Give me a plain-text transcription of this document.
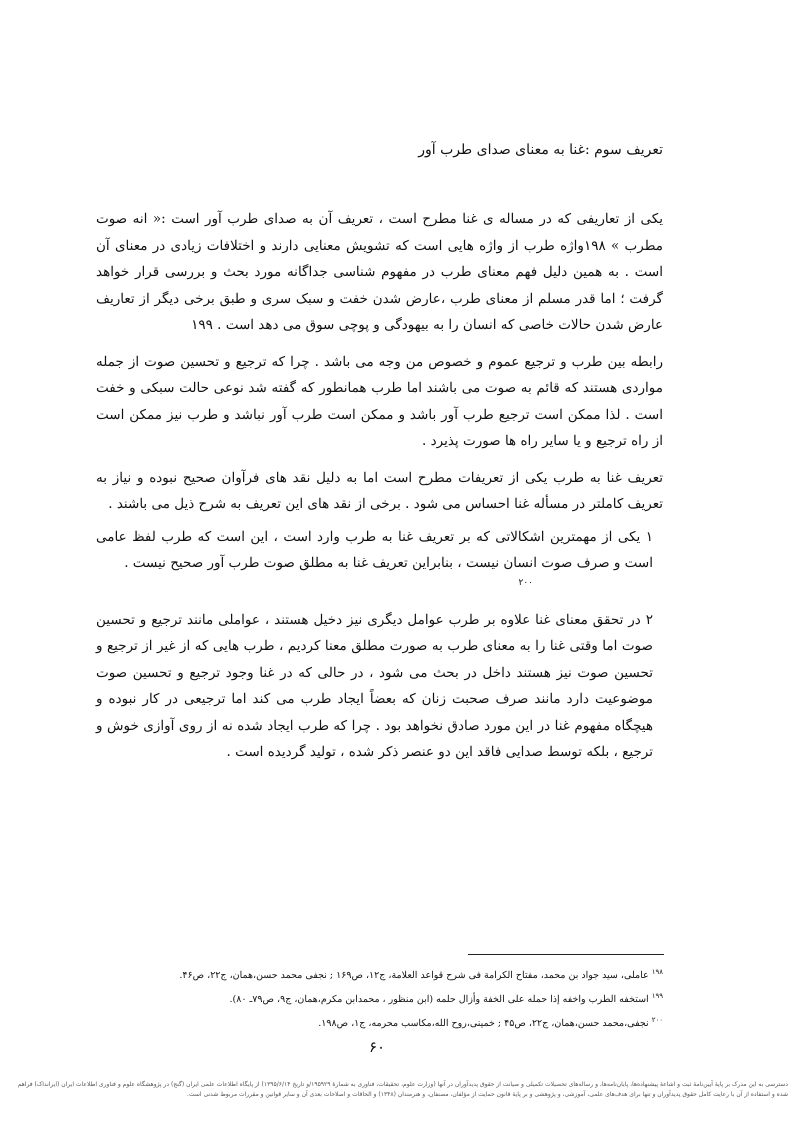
تعریف سوم :غنا به معنای صدای طرب آور

یکی از تعاریفی که در مساله ی غنا مطرح است ، تعریف آن به صدای طرب آور است :« انه صوت مطرب » ۱۹۸واژه طرب از واژه هایی است که تشویش معنایی دارند و اختلافات زیادی در معنای آن است . به همین دلیل فهم معنای طرب در مفهوم شناسی جداگانه مورد بحث و بررسی قرار خواهد گرفت ؛ اما قدر مسلم از معنای طرب ،عارض شدن خفت و سبک سری و طبق برخی دیگر از تعاریف عارض شدن حالات خاصی که انسان را به بیهودگی و پوچی سوق می دهد است . ۱۹۹

رابطه بین طرب و ترجیع عموم و خصوص من وجه می باشد . چرا که ترجیع و تحسین صوت از جمله مواردی هستند که قائم به صوت می باشند اما طرب همانطور که گفته شد نوعی حالت سبکی و خفت است . لذا ممکن است ترجیع طرب آور باشد و ممکن است طرب آور نباشد و طرب نیز ممکن است از راه ترجیع و یا سایر راه ها صورت پذیرد .

تعریف غنا به طرب یکی از تعریفات مطرح است اما به دلیل نقد های فرآوان صحیح نبوده و نیاز به تعریف کاملتر در مسأله غنا احساس می شود . برخی از نقد های این تعریف به شرح ذیل می باشند .

۱ یکی از مهمترین اشکالاتی که بر تعریف غنا به طرب وارد است ، این است که طرب لفظ عامی است و صرف صوت انسان نیست ، بنابراین تعریف غنا به مطلق صوت طرب آور صحیح نیست .

۲۰۰

۲ در تحقق معنای غنا علاوه بر طرب عوامل دیگری نیز دخیل هستند ، عواملی مانند ترجیع و تحسین صوت اما وقتی غنا را به معنای طرب به صورت مطلق معنا کردیم ، طرب هایی که از غیر از ترجیع و تحسین صوت نیز هستند داخل در بحث می شود ، در حالی که در غنا وجود ترجیع و تحسین صوت موضوعیت دارد مانند صرف صحبت زنان که بعضاً ایجاد طرب می کند اما ترجیعی در کار نبوده و هیچگاه مفهوم غنا در این مورد صادق نخواهد بود . چرا که طرب ایجاد شده نه از روی آوازی خوش و ترجیع ، بلکه توسط صدایی فاقد این دو عنصر ذکر شده ، تولید گردیده است .

$^{۱۹۸}$ عاملی، سید جواد بن محمد، مفتاح الکرامة فی شرح قواعد العلامة، ج۱۲، ص۱۶۹ ; نجفی محمد حسن،همان، ج۲۲، ص۴۶.

$^{۱۹۹}$ استخفه الطرب واخفه إذا حمله علی الخفة وأزال حلمه (ابن منظور ، محمدابن مکرم،همان، ج۹، ص۷۹ـ ۸۰).

$^{۲۰۰}$ نجفی،محمد حسن،همان، ج۲۲، ص۴۵ ; خمینی،روح الله،مکاسب محرمه، ج۱، ص۱۹۸.

۶۰

دسترسی به این مدرک بر پایهٔ آیین‌نامهٔ ثبت و اشاعهٔ پیشنهاده‌ها، پایان‌نامه‌ها، و رساله‌های تحصیلات تکمیلی و صیانت از حقوق پدیدآوران در آنها (وزارت علوم، تحقیقات، فناوری به شمارهٔ ۱۹۵۹۲۹/و تاریخ ۱۳۹۵/۶/۱۴) از پایگاه اطلاعات علمی ایران (گنج) در پژوهشگاه علوم و فناوری اطلاعات ایران (ایرانداک) فراهم شده و استفاده از آن با رعایت کامل حقوق پدیدآوران و تنها برای هدف‌های علمی، آموزشی، و پژوهشی و بر پایهٔ قانون حمایت از مؤلفان، مصنفان، و هنرمندان (۱۳۴۸) و الحاقات و اصلاحات بعدی آن و سایر قوانین و مقررات مربوط شدنی است.
